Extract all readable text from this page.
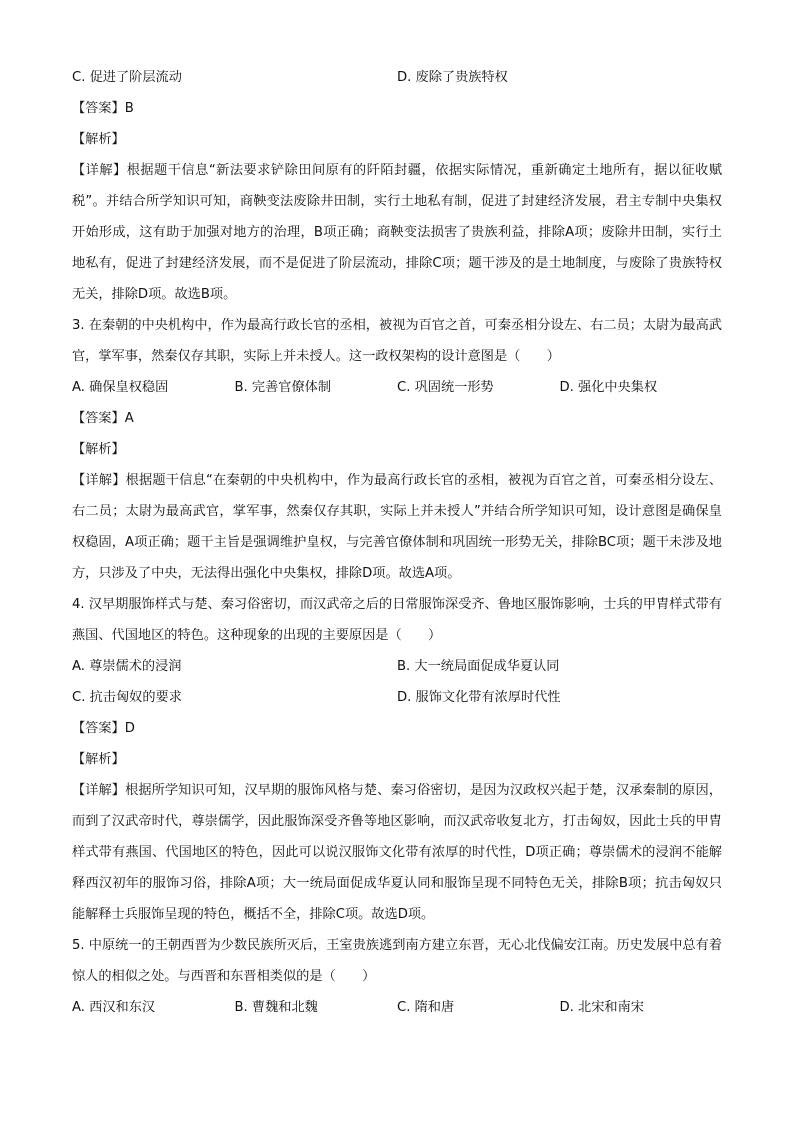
C. 促进了阶层流动	D. 废除了贵族特权
【答案】B
【解析】
【详解】根据题干信息“新法要求铲除田间原有的阡陌封疆，依据实际情况，重新确定土地所有，据以征收赋税”。并结合所学知识可知，商鞅变法废除井田制，实行土地私有制，促进了封建经济发展，君主专制中央集权开始形成，这有助于加强对地方的治理，B项正确；商鞅变法损害了贵族利益，排除A项；废除井田制，实行土地私有，促进了封建经济发展，而不是促进了阶层流动，排除C项；题干涉及的是土地制度，与废除了贵族特权无关，排除D项。故选B项。
3. 在秦朝的中央机构中，作为最高行政长官的丞相，被视为百官之首，可秦丞相分设左、右二员；太尉为最高武官，掌军事，然秦仅存其职，实际上并未授人。这一政权架构的设计意图是（　　）
A. 确保皇权稳固	B. 完善官僚体制	C. 巩固统一形势	D. 强化中央集权
【答案】A
【解析】
【详解】根据题干信息“在秦朝的中央机构中，作为最高行政长官的丞相，被视为百官之首，可秦丞相分设左、右二员；太尉为最高武官，掌军事，然秦仅存其职，实际上并未授人”并结合所学知识可知，设计意图是确保皇权稳固，A项正确；题干主旨是强调维护皇权，与完善官僚体制和巩固统一形势无关，排除BC项；题干未涉及地方，只涉及了中央，无法得出强化中央集权，排除D项。故选A项。
4. 汉早期服饰样式与楚、秦习俗密切，而汉武帝之后的日常服饰深受齐、鲁地区服饰影响，士兵的甲胄样式带有燕国、代国地区的特色。这种现象的出现的主要原因是（　　）
A. 尊崇儒术的浸润	B. 大一统局面促成华夏认同
C. 抗击匈奴的要求	D. 服饰文化带有浓厚时代性
【答案】D
【解析】
【详解】根据所学知识可知，汉早期的服饰风格与楚、秦习俗密切，是因为汉政权兴起于楚，汉承秦制的原因，而到了汉武帝时代，尊崇儒学，因此服饰深受齐鲁等地区影响，而汉武帝收复北方，打击匈奴，因此士兵的甲胄样式带有燕国、代国地区的特色，因此可以说汉服饰文化带有浓厚的时代性，D项正确；尊崇儒术的浸润不能解释西汉初年的服饰习俗，排除A项；大一统局面促成华夏认同和服饰呈现不同特色无关，排除B项；抗击匈奴只能解释士兵服饰呈现的特色，概括不全，排除C项。故选D项。
5. 中原统一的王朝西晋为少数民族所灭后，王室贵族逃到南方建立东晋，无心北伐偏安江南。历史发展中总有着惊人的相似之处。与西晋和东晋相类似的是（　　）
A. 西汉和东汉	B. 曹魏和北魏	C. 隋和唐	D. 北宋和南宋
